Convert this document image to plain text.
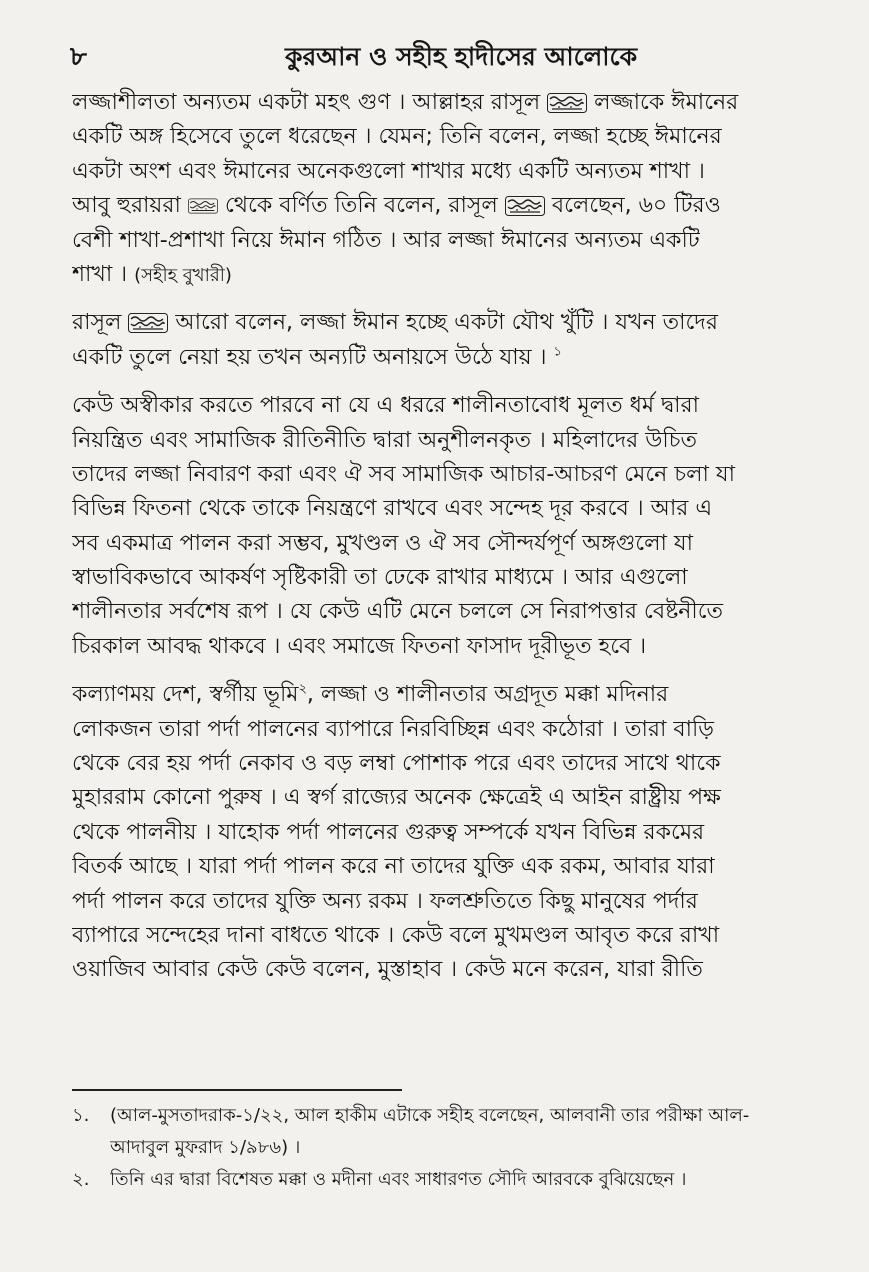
৮	কুরআন ও সহীহ হাদীসের আলোকে
লজ্জাশীলতা অন্যতম একটা মহৎ গুণ । আল্লাহর রাসূল
লজ্জাকে ঈমানের
একটি অঙ্গ হিসেবে তুলে ধরেছেন । যেমন; তিনি বলেন, লজ্জা হচ্ছে ঈমানের
একটা অংশ এবং ঈমানের অনেকগুলো শাখার মধ্যে একটি অন্যতম শাখা ।
আবু হুরায়রা
থেকে বর্ণিত তিনি বলেন, রাসূল
বলেছেন, ৬০ টিরও
বেশী শাখা-প্রশাখা নিয়ে ঈমান গঠিত । আর লজ্জা ঈমানের অন্যতম একটি
শাখা । (সহীহ বুখারী)
রাসূল
আরো বলেন, লজ্জা ঈমান হচ্ছে একটা যৌথ খুঁটি । যখন তাদের
একটি তুলে নেয়া হয় তখন অন্যটি অনায়সে উঠে যায় । $^১$
কেউ অস্বীকার করতে পারবে না যে এ ধররে শালীনতাবোধ মূলত ধর্ম দ্বারা
নিয়ন্ত্রিত এবং সামাজিক রীতিনীতি দ্বারা অনুশীলনকৃত । মহিলাদের উচিত
তাদের লজ্জা নিবারণ করা এবং ঐ সব সামাজিক আচার-আচরণ মেনে চলা যা
বিভিন্ন ফিতনা থেকে তাকে নিয়ন্ত্রণে রাখবে এবং সন্দেহ দূর করবে । আর এ
সব একমাত্র পালন করা সম্ভব, মুখণ্ডল ও ঐ সব সৌন্দর্যপূর্ণ অঙ্গগুলো যা
স্বাভাবিকভাবে আকর্ষণ সৃষ্টিকারী তা ঢেকে রাখার মাধ্যমে । আর এগুলো
শালীনতার সর্বশেষ রূপ । যে কেউ এটি মেনে চললে সে নিরাপত্তার বেষ্টনীতে
চিরকাল আবদ্ধ থাকবে । এবং সমাজে ফিতনা ফাসাদ দূরীভূত হবে ।
কল্যাণময় দেশ, স্বর্গীয় ভূমি$^২$, লজ্জা ও শালীনতার অগ্রদূত মক্কা মদিনার
লোকজন তারা পর্দা পালনের ব্যাপারে নিরবিচ্ছিন্ন এবং কঠোরা । তারা বাড়ি
থেকে বের হয় পর্দা নেকাব ও বড় লম্বা পোশাক পরে এবং তাদের সাথে থাকে
মুহাররাম কোনো পুরুষ । এ স্বর্গ রাজ্যের অনেক ক্ষেত্রেই এ আইন রাষ্ট্রীয় পক্ষ
থেকে পালনীয় । যাহোক পর্দা পালনের গুরুত্ব সম্পর্কে যখন বিভিন্ন রকমের
বিতর্ক আছে । যারা পর্দা পালন করে না তাদের যুক্তি এক রকম, আবার যারা
পর্দা পালন করে তাদের যুক্তি অন্য রকম । ফলশ্রুতিতে কিছু মানুষের পর্দার
ব্যাপারে সন্দেহের দানা বাধতে থাকে । কেউ বলে মুখমণ্ডল আবৃত করে রাখা
ওয়াজিব আবার কেউ কেউ বলেন, মুস্তাহাব । কেউ মনে করেন, যারা রীতি
১.	(আল-মুসতাদরাক-১/২২, আল হাকীম এটাকে সহীহ বলেছেন, আলবানী তার পরীক্ষা আল-
আদাবুল মুফরাদ ১/৯৮৬) ।
২.	তিনি এর দ্বারা বিশেষত মক্কা ও মদীনা এবং সাধারণত সৌদি আরবকে বুঝিয়েছেন ।
